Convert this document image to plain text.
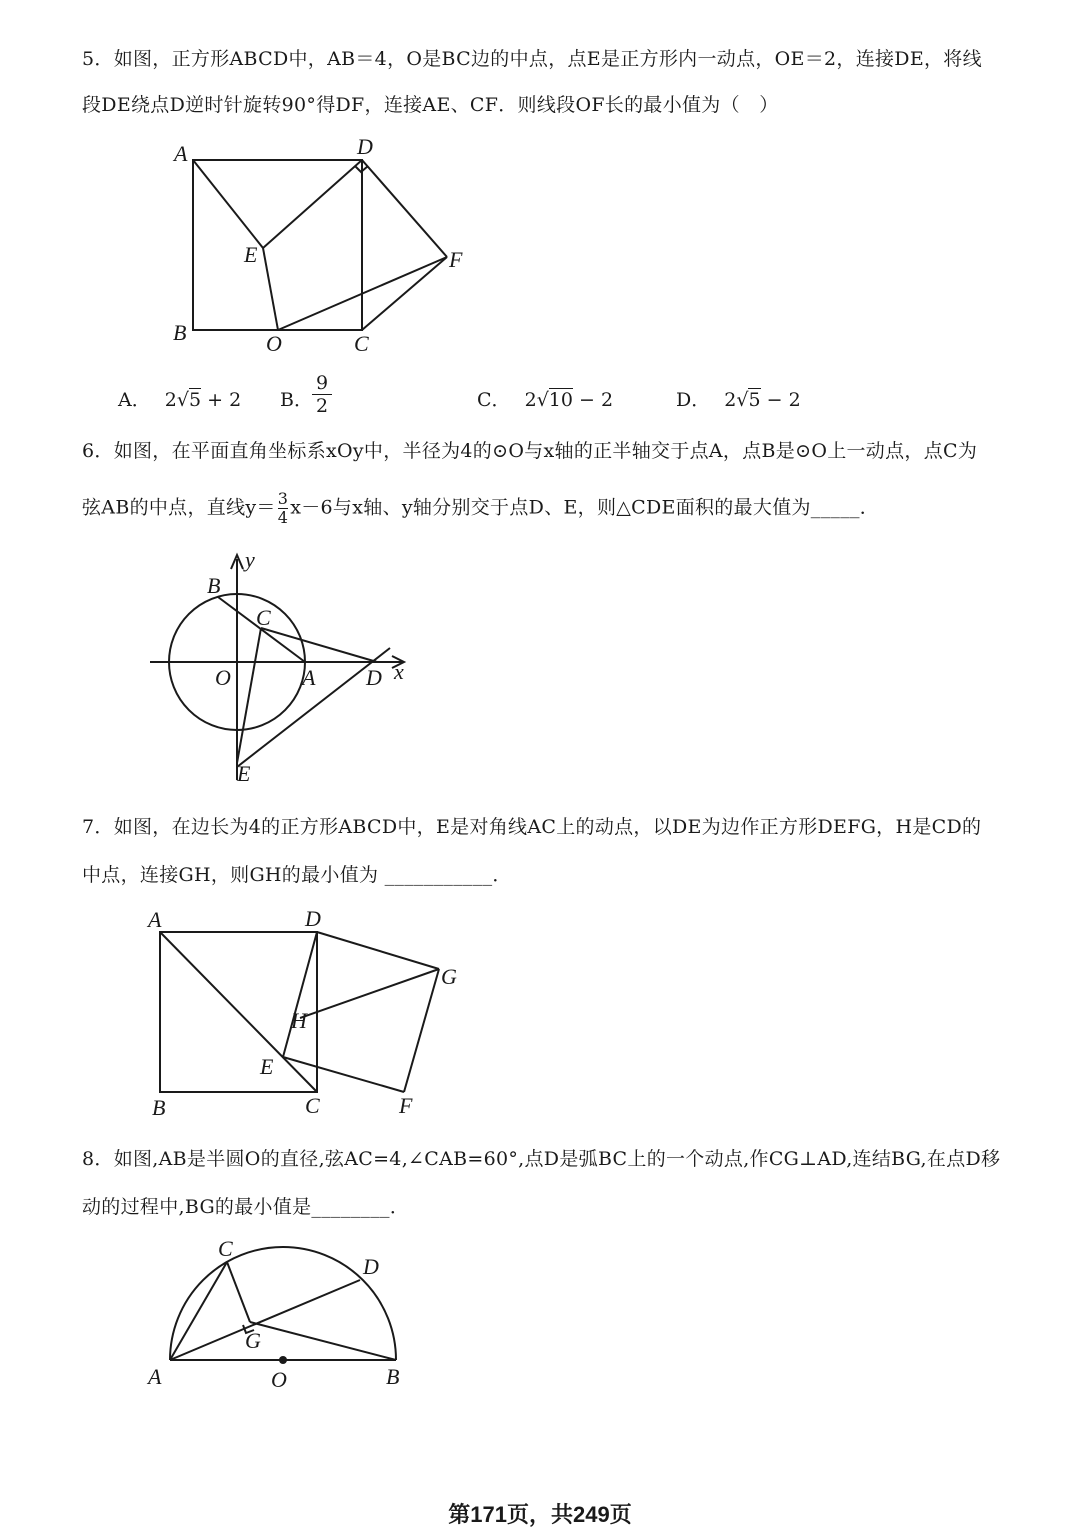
5．如图，正方形ABCD中，AB＝4，O是BC边的中点，点E是正方形内一动点，OE＝2，连接DE，将线
段DE绕点D逆时针旋转90°得DF，连接AE、CF．则线段OF长的最小值为（　）
A	D
E	F
B	O	C
A． 2√5 + 2 B． $\frac{9}{2}$	C． 2√10 − 2	D． 2√5 − 2
6．如图，在平面直角坐标系xOy中，半径为4的⊙O与x轴的正半轴交于点A，点B是⊙O上一动点，点C为
弦AB的中点，直线$y= \frac{3}{4} x-6$与x轴、y轴分别交于点D、E，则△CDE面积的最大值为_____．
y
x
B
C
O	A D
E
7．如图，在边长为4的正方形ABCD中，E是对角线AC上的动点，以DE为边作正方形DEFG，H是CD的
中点，连接GH，则GH的最小值为 ___________．
A	D
G
H
E
B	C	F
8．如图,AB是半圆O的直径,弦AC=4,∠CAB=60°,点D是弧BC上的一个动点,作CG⊥AD,连结BG,在点D移
动的过程中,BG的最小值是________．
C
D
G
A	O	B
第171页，共249页
